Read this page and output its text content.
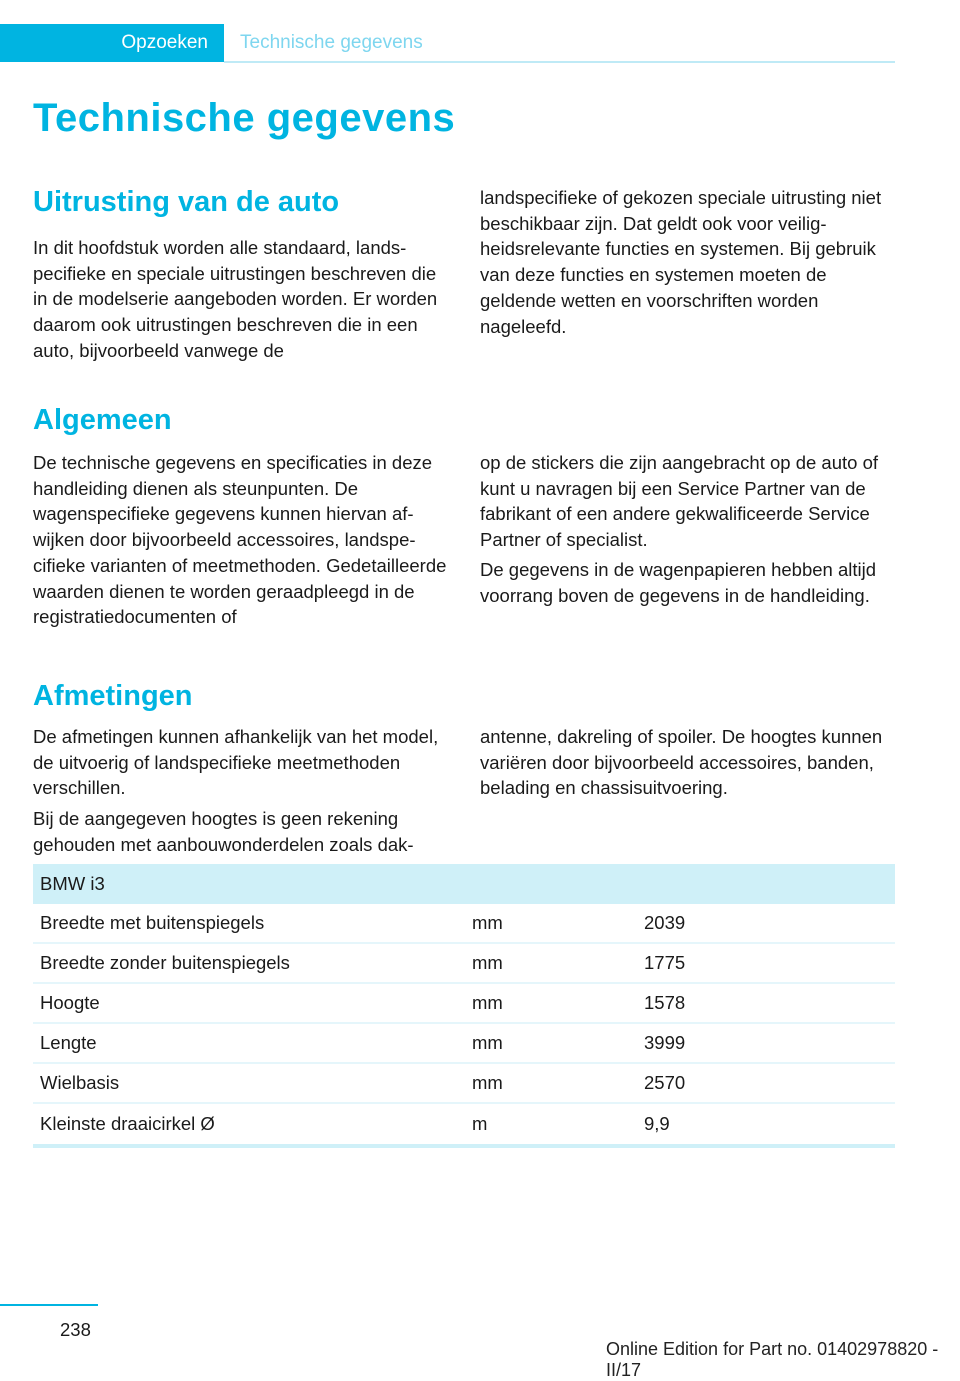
Opzoeken	Technische gegevens
Technische gegevens
Uitrusting van de auto

In dit hoofdstuk worden alle standaard, landspecifieke en speciale uitrustingen beschreven die in de modelserie aangeboden worden. Er worden daarom ook uitrustingen beschreven die in een auto, bijvoorbeeld vanwege de

landspecifieke of gekozen speciale uitrusting niet beschikbaar zijn. Dat geldt ook voor veiligheidsrelevante functies en systemen. Bij gebruik van deze functies en systemen moeten de geldende wetten en voorschriften worden nageleefd.

Algemeen

De technische gegevens en specificaties in deze handleiding dienen als steunpunten. De wagenspecifieke gegevens kunnen hiervan afwijken door bijvoorbeeld accessoires, landspecifieke varianten of meetmethoden. Gedetailleerde waarden dienen te worden geraadpleegd in de registratiedocumenten of

op de stickers die zijn aangebracht op de auto of kunt u navragen bij een Service Partner van de fabrikant of een andere gekwalificeerde Service Partner of specialist.

De gegevens in de wagenpapieren hebben altijd voorrang boven de gegevens in de handleiding.

Afmetingen

De afmetingen kunnen afhankelijk van het model, de uitvoerig of landspecifieke meetmethoden verschillen.

Bij de aangegeven hoogtes is geen rekening gehouden met aanbouwonderdelen zoals dak-

antenne, dakreling of spoiler. De hoogtes kunnen variëren door bijvoorbeeld accessoires, banden, belading en chassisuitvoering.

BMW i3		
Breedte met buitenspiegels	mm	2039
Breedte zonder buitenspiegels	mm	1775
Hoogte	mm	1578
Lengte	mm	3999
Wielbasis	mm	2570
Kleinste draaicirkel Ø	m	9,9
238
Online Edition for Part no. 01402978820 - II/17
